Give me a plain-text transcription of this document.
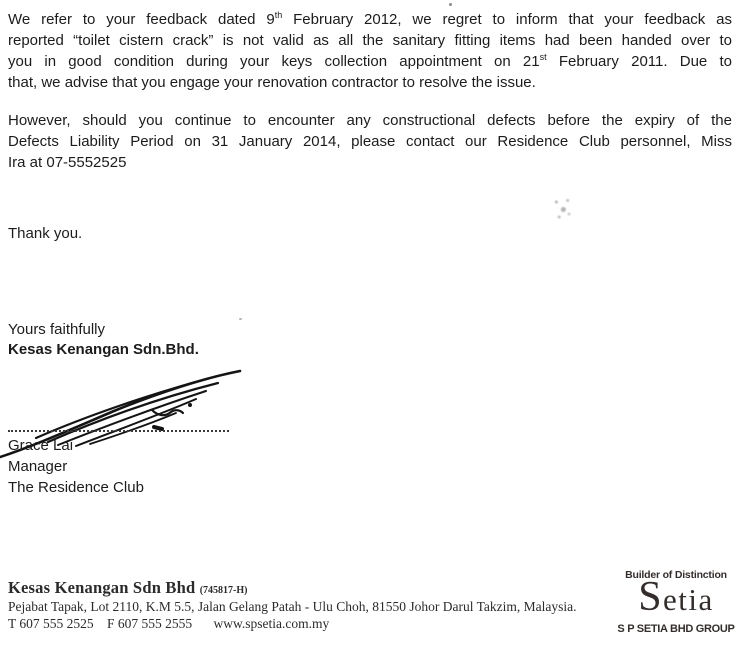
We refer to your feedback dated 9th February 2012, we regret to inform that your feedback as
reported “toilet cistern crack” is not valid as all the sanitary fitting items had been handed over to
you in good condition during your keys collection appointment on 21st February 2011. Due to
that, we advise that you engage your renovation contractor to resolve the issue.
However, should you continue to encounter any constructional defects before the expiry of the
Defects Liability Period on 31 January 2014, please contact our Residence Club personnel, Miss
Ira at 07-5552525
Thank you.
Yours faithfully
Kesas Kenangan Sdn.Bhd.
Grace Lai
Manager
The Residence Club
Kesas Kenangan Sdn Bhd (745817-H)
Pejabat Tapak, Lot 2110, K.M 5.5, Jalan Gelang Patah - Ulu Choh, 81550 Johor Darul Takzim, Malaysia.
T 607 555 2525 F 607 555 2555 www.spsetia.com.my
Builder of Distinction
Setia
S P SETIA BHD GROUP
